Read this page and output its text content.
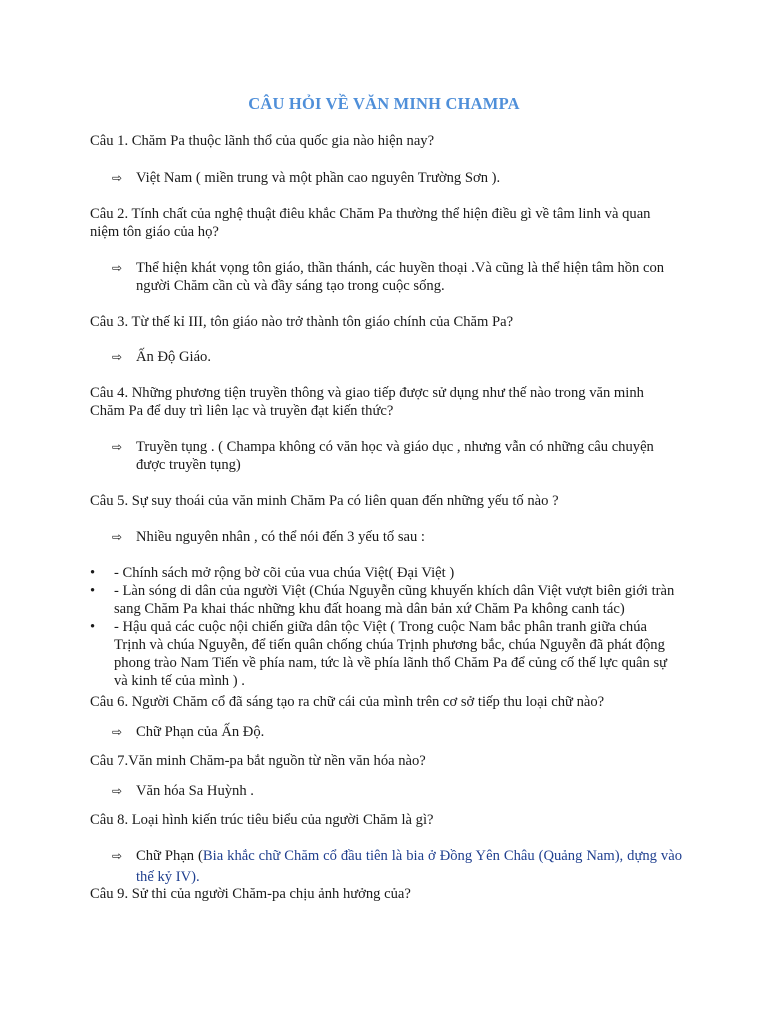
CÂU HỎI VỀ VĂN MINH CHAMPA
Câu 1. Chăm Pa thuộc lãnh thổ của quốc gia nào hiện nay?
⇨ Việt Nam ( miền trung và một phần cao nguyên Trường Sơn ).
Câu 2. Tính chất của nghệ thuật điêu khắc Chăm Pa thường thể hiện điều gì về tâm linh và quan niệm tôn giáo của họ?
⇨ Thể hiện khát vọng tôn giáo, thần thánh, các huyền thoại .Và cũng là thể hiện tâm hồn con người Chăm cần cù và đầy sáng tạo trong cuộc sống.
Câu 3. Từ thế kỉ III, tôn giáo nào trở thành tôn giáo chính của Chăm Pa?
⇨ Ấn Độ Giáo.
Câu 4. Những phương tiện truyền thông và giao tiếp được sử dụng như thế nào trong văn minh Chăm Pa để duy trì liên lạc và truyền đạt kiến thức?
⇨ Truyền tụng . ( Champa không có văn học và giáo dục , nhưng vẫn có những câu chuyện được truyền tụng)
Câu 5. Sự suy thoái của văn minh Chăm Pa có liên quan đến những yếu tố nào ?
⇨ Nhiều nguyên nhân , có thể nói đến 3 yếu tố sau :
•	- Chính sách mở rộng bờ cõi của vua chúa Việt( Đại Việt )
•	- Làn sóng di dân của người Việt (Chúa Nguyễn cũng khuyến khích dân Việt vượt biên giới tràn sang Chăm Pa khai thác những khu đất hoang mà dân bản xứ Chăm Pa không canh tác)
•	- Hậu quả các cuộc nội chiến giữa dân tộc Việt ( Trong cuộc Nam bắc phân tranh giữa chúa Trịnh và chúa Nguyễn, để tiến quân chống chúa Trịnh phương bắc, chúa Nguyễn đã phát động phong trào Nam Tiến về phía nam, tức là về phía lãnh thổ Chăm Pa để củng cố thế lực quân sự và kinh tế của mình ) .
Câu 6. Người Chăm cổ đã sáng tạo ra chữ cái của mình trên cơ sở tiếp thu loại chữ nào?
⇨ Chữ Phạn của Ấn Độ.
Câu 7.Văn minh Chăm-pa bắt nguồn từ nền văn hóa nào?
⇨ Văn hóa Sa Huỳnh .
Câu 8. Loại hình kiến trúc tiêu biểu của người Chăm là gì?
⇨ Chữ Phạn (Bia khắc chữ Chăm cổ đầu tiên là bia ở Đồng Yên Châu (Quảng Nam), dựng vào thế kỷ IV).
Câu 9. Sử thi của người Chăm-pa chịu ảnh hưởng của?
